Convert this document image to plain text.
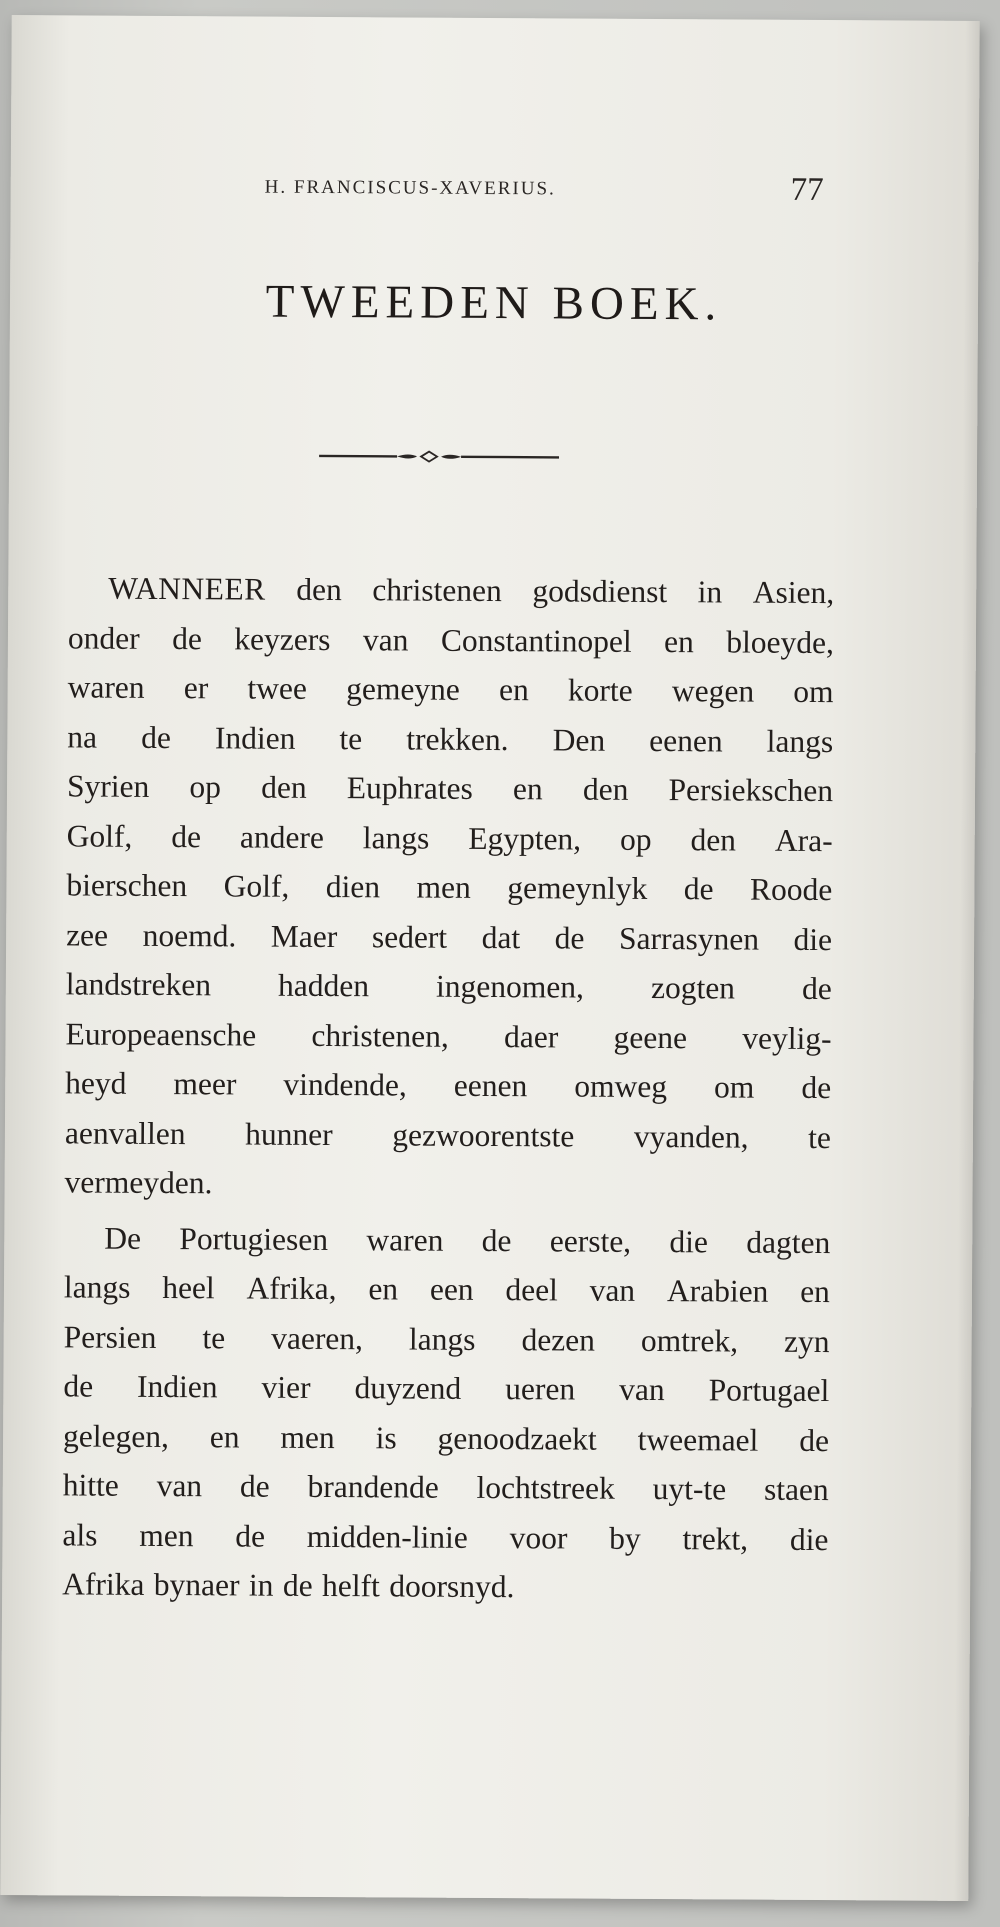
H. FRANCISCUS-XAVERIUS.	77
TWEEDEN BOEK.
WANNEER den christenen godsdienst in Asien,
onder de keyzers van Constantinopel en bloeyde,
waren er twee gemeyne en korte wegen om
na de Indien te trekken. Den eenen langs
Syrien op den Euphrates en den Persiekschen
Golf, de andere langs Egypten, op den Ara-
bierschen Golf, dien men gemeynlyk de Roode
zee noemd. Maer sedert dat de Sarrasynen die
landstreken hadden ingenomen, zogten de
Europeaensche christenen, daer geene veylig-
heyd meer vindende, eenen omweg om de
aenvallen hunner gezwoorentste vyanden, te
vermeyden.
De Portugiesen waren de eerste, die dagten
langs heel Afrika, en een deel van Arabien en
Persien te vaeren, langs dezen omtrek, zyn
de Indien vier duyzend ueren van Portugael
gelegen, en men is genoodzaekt tweemael de
hitte van de brandende lochtstreek uyt-te staen
als men de midden-linie voor by trekt, die
Afrika bynaer in de helft doorsnyd.
